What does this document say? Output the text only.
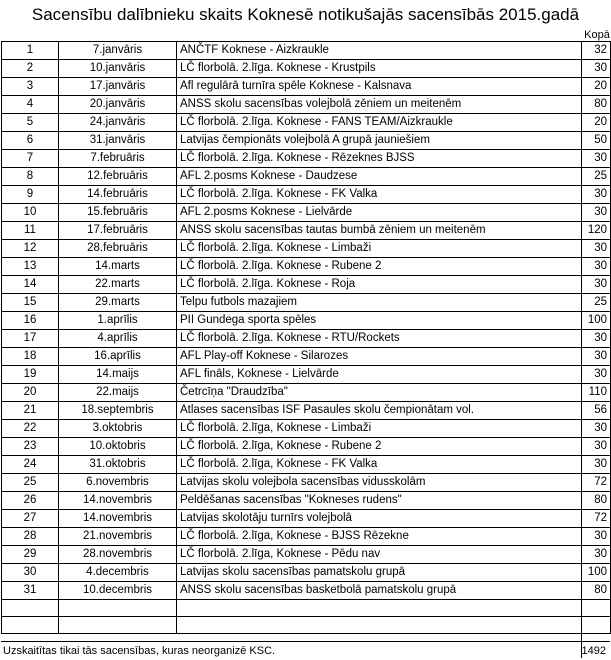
Sacensību dalībnieku skaits Koknesē notikušajās sacensībās 2015.gadā
Kopā
1	7.janvāris	ANČTF Koknese - Aizkraukle	32
2	10.janvāris	LČ florbolā. 2.līga. Koknese - Krustpils	30
3	17.janvāris	Afl regulārā turnīra spēle Koknese - Kalsnava	20
4	20.janvāris	ANSS skolu sacensības volejbolā zēniem un meitenēm	80
5	24.janvāris	LČ florbolā. 2.līga. Koknese - FANS TEAM/Aizkraukle	20
6	31.janvāris	Latvijas čempionāts volejbolā A grupā jauniešiem	50
7	7.februāris	LČ florbolā. 2.līga. Koknese - Rēzeknes BJSS	30
8	12.februāris	AFL 2.posms Koknese - Daudzese	25
9	14.februāris	LČ florbolā. 2.līga. Koknese - FK Valka	30
10	15.februāris	AFL 2.posms Koknese - Lielvārde	30
11	17.februāris	ANSS skolu sacensības tautas bumbā zēniem un meitenēm	120
12	28.februāris	LČ florbolā. 2.līga. Koknese - Limbaži	30
13	14.marts	LČ florbolā. 2.līga. Koknese - Rubene 2	30
14	22.marts	LČ florbolā. 2.līga. Koknese - Roja	30
15	29.marts	Telpu futbols mazajiem	25
16	1.aprīlis	PII Gundega sporta spēles	100
17	4.aprīlis	LČ florbolā. 2.līga. Koknese - RTU/Rockets	30
18	16.aprīlis	AFL Play-off Koknese - Silarozes	30
19	14.maijs	AFL fināls, Koknese - Lielvārde	30
20	22.maijs	Četrcīņa "Draudzība"	110
21	18.septembris	Atlases sacensības ISF Pasaules skolu čempionātam vol.	56
22	3.oktobris	LČ florbolā. 2.līga, Koknese - Limbaži	30
23	10.oktobris	LČ florbolā. 2.līga, Koknese - Rubene 2	30
24	31.oktobris	LČ florbolā. 2.līga, Koknese - FK Valka	30
25	6.novembris	Latvijas skolu volejbola sacensības vidusskolām	72
26	14.novembris	Peldēšanas sacensības "Kokneses rudens"	80
27	14.novembris	Latvijas skolotāju turnīrs volejbolā	72
28	21.novembris	LČ florbolā. 2.līga, Koknese - BJSS Rēzekne	30
29	28.novembris	LČ florbolā. 2.līga, Koknese - Pēdu nav	30
30	4.decembris	Latvijas skolu sacensības pamatskolu grupā	100
31	10.decembris	ANSS skolu sacensības basketbolā pamatskolu grupā	80

Uzskaitītas tikai tās sacensības, kuras neorganizē KSC.	1492
